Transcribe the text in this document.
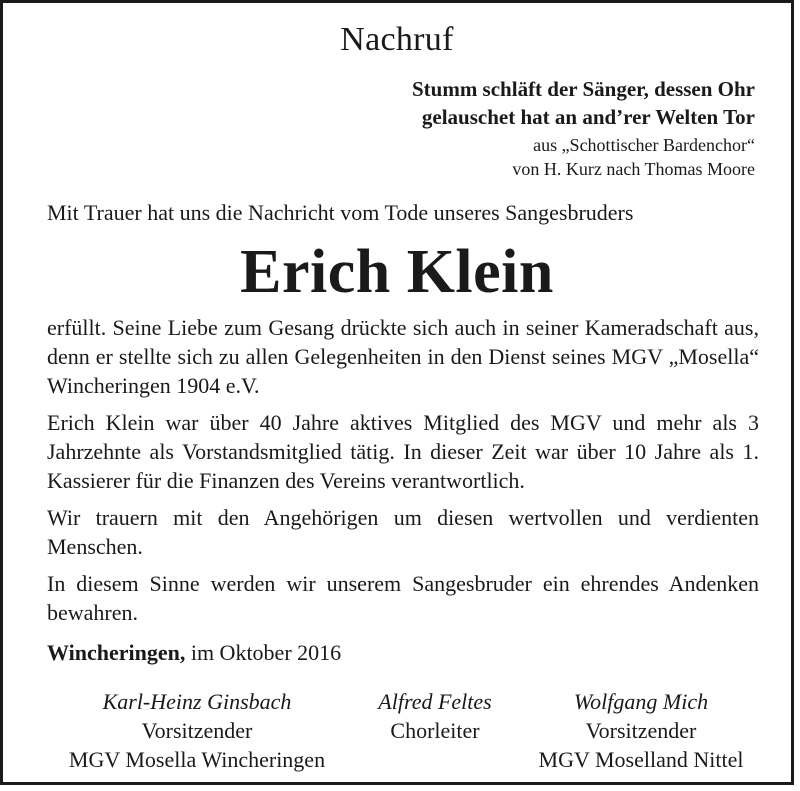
Nachruf
Stumm schläft der Sänger, dessen Ohr
gelauschet hat an and’rer Welten Tor
aus „Schottischer Bardenchor“
von H. Kurz nach Thomas Moore
Mit Trauer hat uns die Nachricht vom Tode unseres Sangesbruders
Erich Klein

erfüllt. Seine Liebe zum Gesang drückte sich auch in seiner Kameradschaft aus, denn er stellte sich zu allen Gelegenheiten in den Dienst seines MGV „Mosella“ Wincheringen 1904 e.V.

Erich Klein war über 40 Jahre aktives Mitglied des MGV und mehr als 3 Jahrzehnte als Vorstandsmitglied tätig. In dieser Zeit war über 10 Jahre als 1. Kassierer für die Finanzen des Vereins verantwortlich.

Wir trauern mit den Angehörigen um diesen wertvollen und verdienten Menschen.

In diesem Sinne werden wir unserem Sangesbruder ein ehrendes Andenken bewahren.

Wincheringen, im Oktober 2016
Karl-Heinz Ginsbach
Vorsitzender
MGV Mosella Wincheringen
Alfred Feltes
Chorleiter
Wolfgang Mich
Vorsitzender
MGV Moselland Nittel
